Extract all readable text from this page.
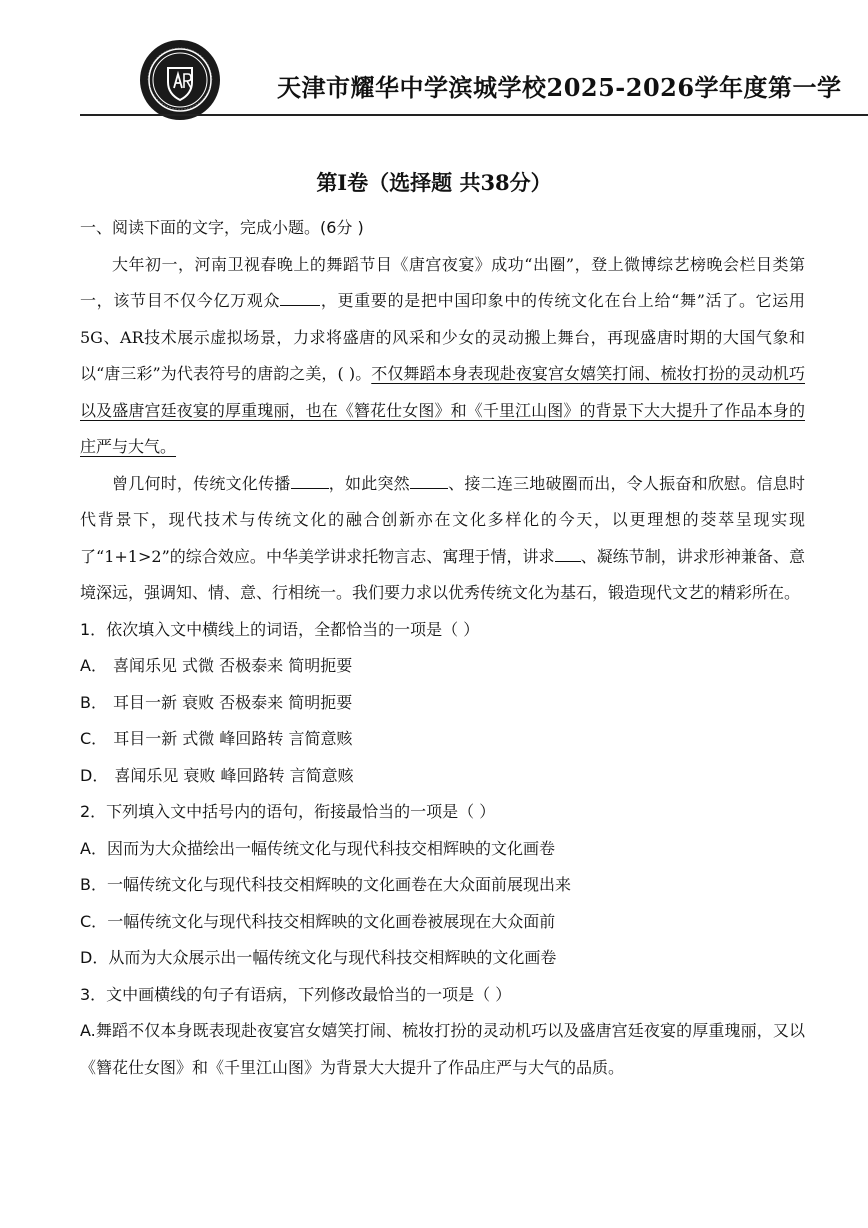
天津市耀华中学滨城学校2025-2026学年度第一学
第Ⅰ卷（选择题 共38分）

一、阅读下面的文字，完成小题。(6分 )

大年初一，河南卫视春晚上的舞蹈节目《唐宫夜宴》成功“出圈”，登上微博综艺榜晚会栏目类第一，该节目不仅今亿万观众	，更重要的是把中国印象中的传统文化在台上给“舞”活了。它运用5G、AR技术展示虚拟场景，力求将盛唐的风采和少女的灵动搬上舞台，再现盛唐时期的大国气象和以“唐三彩”为代表符号的唐韵之美，( )。不仅舞蹈本身表现赴夜宴宫女嬉笑打闹、梳妆打扮的灵动机巧以及盛唐宫廷夜宴的厚重瑰丽，也在《簪花仕女图》和《千里江山图》的背景下大大提升了作品本身的庄严与大气。

曾几何时，传统文化传播 ，如此突然 、接二连三地破圈而出，令人振奋和欣慰。信息时代背景下，现代技术与传统文化的融合创新亦在文化多样化的今天，以更理想的茭萃呈现实现了“1+1>2”的综合效应。中华美学讲求托物言志、寓理于情，讲求 、凝练节制，讲求形神兼备、意境深远，强调知、情、意、行相统一。我们要力求以优秀传统文化为基石，锻造现代文艺的精彩所在。

1．依次填入文中横线上的词语，全都恰当的一项是（ ）

A． 喜闻乐见 式微 否极泰来 简明扼要

B． 耳目一新 衰败 否极泰来 简明扼要

C． 耳目一新 式微 峰回路转 言简意赅

D． 喜闻乐见 衰败 峰回路转 言简意赅

2．下列填入文中括号内的语句，衔接最恰当的一项是（ ）

A．因而为大众描绘出一幅传统文化与现代科技交相辉映的文化画卷

B．一幅传统文化与现代科技交相辉映的文化画卷在大众面前展现出来

C．一幅传统文化与现代科技交相辉映的文化画卷被展现在大众面前

D．从而为大众展示出一幅传统文化与现代科技交相辉映的文化画卷

3．文中画横线的句子有语病，下列修改最恰当的一项是（ ）

A.舞蹈不仅本身既表现赴夜宴宫女嬉笑打闹、梳妆打扮的灵动机巧以及盛唐宫廷夜宴的厚重瑰丽，又以《簪花仕女图》和《千里江山图》为背景大大提升了作品庄严与大气的品质。
